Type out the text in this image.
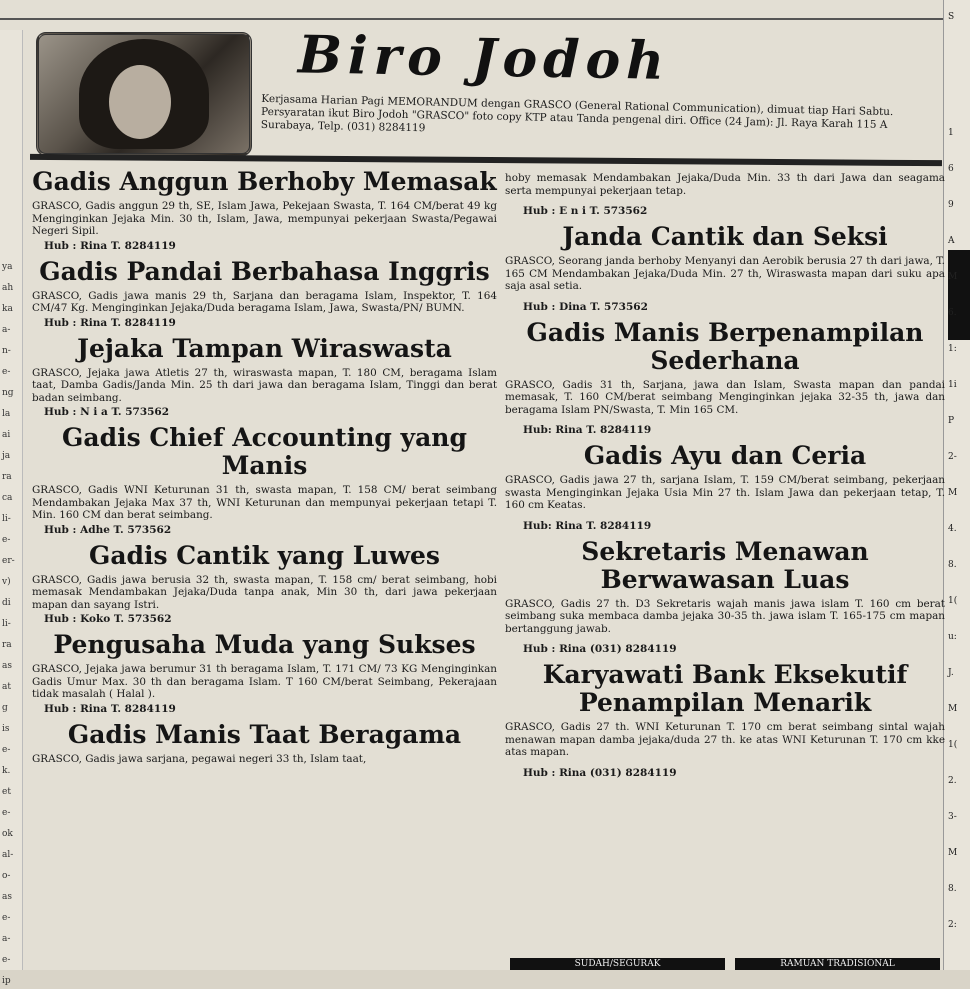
ya
ah
ka
a-
n-
e-
ng
la
ai
ja
ra
ca
li-
e-
er-
v)
di
li-
ra
as
at
g
is
e-
k.
et
e-
ok
al-
o-
as
e-
a-
e-
ip
S
1
6
9
A
M
6.
1:
1i
P
2-
M
4.
8.
1(
u:
J.
M
1(
2.
3-
M
8.
2:
Biro Jodoh
Kerjasama Harian Pagi MEMORANDUM dengan GRASCO (General Rational Communication), dimuat tiap Hari Sabtu. Persyaratan ikut Biro Jodoh "GRASCO" foto copy KTP atau Tanda pengenal diri. Office (24 Jam): Jl. Raya Karah 115 A Surabaya, Telp. (031) 8284119
Gadis Anggun Berhoby Memasak
GRASCO, Gadis anggun 29 th, SE, Islam Jawa, Pekejaan Swasta, T. 164 CM/berat 49 kg Menginginkan Jejaka Min. 30 th, Islam, Jawa, mempunyai pekerjaan Swasta/Pegawai Negeri Sipil.
Hub : Rina T. 8284119
Gadis Pandai Berbahasa Inggris
GRASCO, Gadis jawa manis 29 th, Sarjana dan beragama Islam, Inspektor, T. 164 CM/47 Kg. Menginginkan Jejaka/Duda beragama Islam, Jawa, Swasta/PN/ BUMN.
Hub : Rina T. 8284119
Jejaka Tampan Wiraswasta
GRASCO, Jejaka jawa Atletis 27 th, wiraswasta mapan, T. 180 CM, beragama Islam taat, Damba Gadis/Janda Min. 25 th dari jawa dan beragama Islam, Tinggi dan berat badan seimbang.
Hub : N i a T. 573562
Gadis Chief Accounting yang Manis
GRASCO, Gadis WNI Keturunan 31 th, swasta mapan, T. 158 CM/ berat seimbang Mendambakan Jejaka Max 37 th, WNI Keturunan dan mempunyai pekerjaan tetapi T. Min. 160 CM dan berat seimbang.
Hub : Adhe T. 573562
Gadis Cantik yang Luwes
GRASCO, Gadis jawa berusia 32 th, swasta mapan, T. 158 cm/ berat seimbang, hobi memasak Mendambakan Jejaka/Duda tanpa anak, Min 30 th, dari jawa pekerjaan mapan dan sayang Istri.
Hub : Koko T. 573562
Pengusaha Muda yang Sukses
GRASCO, Jejaka jawa berumur 31 th beragama Islam, T. 171 CM/ 73 KG Menginginkan Gadis Umur Max. 30 th dan beragama Islam. T 160 CM/berat Seimbang, Pekerajaan tidak masalah ( Halal ).
Hub : Rina T. 8284119
Gadis Manis Taat Beragama
GRASCO, Gadis jawa sarjana, pegawai negeri 33 th, Islam taat,
hoby memasak Mendambakan Jejaka/Duda Min. 33 th dari Jawa dan seagama serta mempunyai pekerjaan tetap.
Hub : E n i T. 573562
Janda Cantik dan Seksi
GRASCO, Seorang janda berhoby Menyanyi dan Aerobik berusia 27 th dari jawa, T. 165 CM Mendambakan Jejaka/Duda Min. 27 th, Wiraswasta mapan dari suku apa saja asal setia.
Hub : Dina T. 573562
Gadis Manis Berpenampilan Sederhana
GRASCO, Gadis 31 th, Sarjana, jawa dan Islam, Swasta mapan dan pandai memasak, T. 160 CM/berat seimbang Menginginkan jejaka 32-35 th, jawa dan beragama Islam PN/Swasta, T. Min 165 CM.
Hub: Rina T. 8284119
Gadis Ayu dan Ceria
GRASCO, Gadis jawa 27 th, sarjana Islam, T. 159 CM/berat seimbang, pekerjaan swasta Menginginkan Jejaka Usia Min 27 th. Islam Jawa dan pekerjaan tetap, T. 160 cm Keatas.
Hub: Rina T. 8284119
Sekretaris Menawan Berwawasan Luas
GRASCO, Gadis 27 th. D3 Sekretaris wajah manis jawa islam T. 160 cm berat seimbang suka membaca damba jejaka 30-35 th. jawa islam T. 165-175 cm mapan bertanggung jawab.
Hub : Rina (031) 8284119
Karyawati Bank Eksekutif Penampilan Menarik
GRASCO, Gadis 27 th. WNI Keturunan T. 170 cm berat seimbang sintal wajah menawan mapan damba jejaka/duda 27 th. ke atas WNI Keturunan T. 170 cm kke atas mapan.
Hub : Rina (031) 8284119
SUDAH/SEGURAK	RAMUAN TRADISIONAL
